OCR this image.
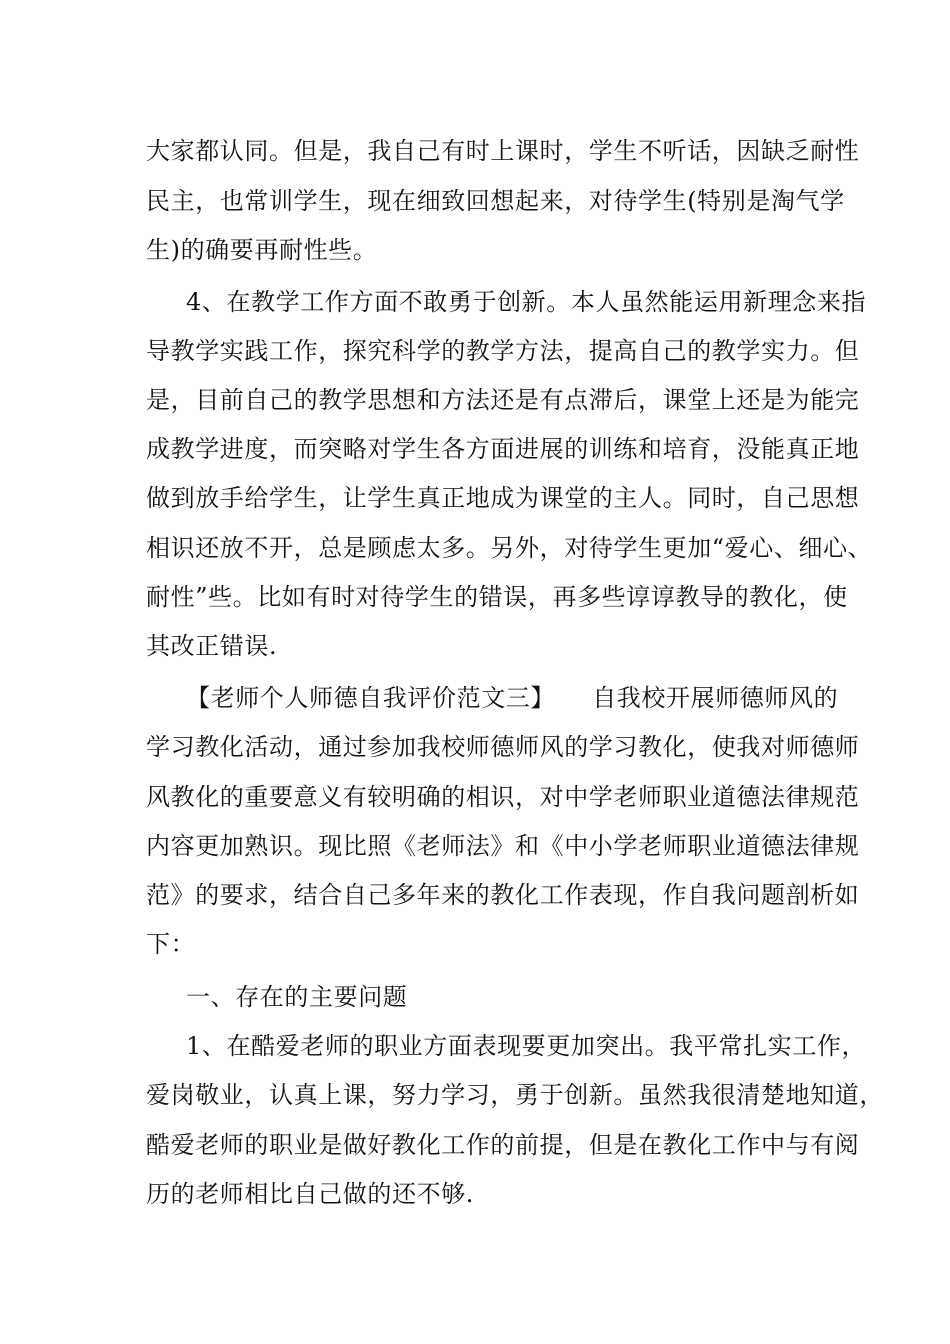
大家都认同。但是，我自己有时上课时，学生不听话，因缺乏耐性
民主，也常训学生，现在细致回想起来，对待学生(特别是淘气学
生)的确要再耐性些。
4、在教学工作方面不敢勇于创新。本人虽然能运用新理念来指
导教学实践工作，探究科学的教学方法，提高自己的教学实力。但
是，目前自己的教学思想和方法还是有点滞后，课堂上还是为能完
成教学进度，而突略对学生各方面进展的训练和培育，没能真正地
做到放手给学生，让学生真正地成为课堂的主人。同时，自己思想
相识还放不开，总是顾虑太多。另外，对待学生更加“爱心、细心、
耐性”些。比如有时对待学生的错误，再多些谆谆教导的教化，使
其改正错误.
【老师个人师德自我评价范文三】　　自我校开展师德师风的
学习教化活动，通过参加我校师德师风的学习教化，使我对师德师
风教化的重要意义有较明确的相识，对中学老师职业道德法律规范
内容更加熟识。现比照《老师法》和《中小学老师职业道德法律规
范》的要求，结合自己多年来的教化工作表现，作自我问题剖析如
下：
一、存在的主要问题
1、在酷爱老师的职业方面表现要更加突出。我平常扎实工作，
爱岗敬业，认真上课，努力学习，勇于创新。虽然我很清楚地知道，
酷爱老师的职业是做好教化工作的前提，但是在教化工作中与有阅
历的老师相比自己做的还不够.
